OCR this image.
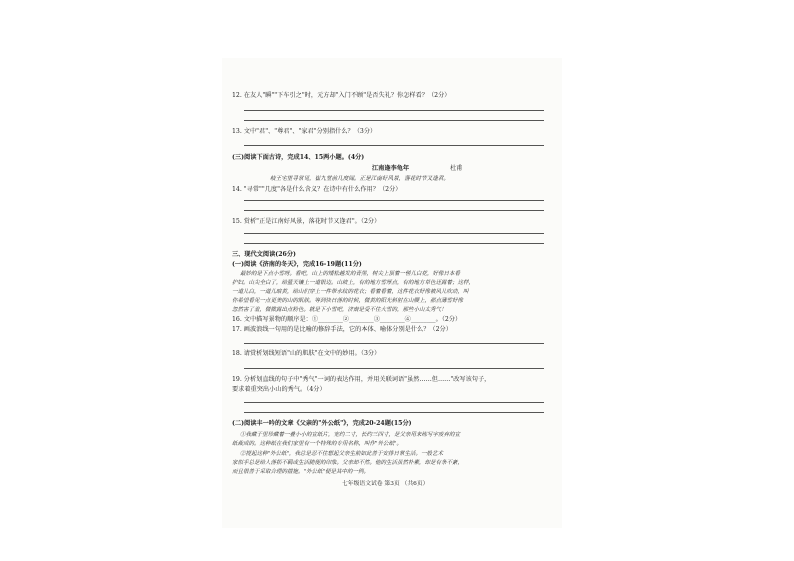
12. 在友人"瞬""下车引之"时，元方却"入门不顾"是否失礼？你怎样看？（2分）
13. 文中"君"、"尊君"、"家君"分别指什么？（3分）
(三)阅读下面古诗，完成14、15两小题。(4分)
江南逢李龟年	杜甫
岐王宅里寻常见，崔九堂前几度闻。正是江南好风景，落花时节又逢君。
14. "寻常""几度"各是什么含义？在诗中有什么作用？（2分）
15. 赏析"正是江南好风景，落花时节又逢君"。（2分）
三、现代文阅读(26分)
(一)阅读《济南的冬天》，完成16-19题(11分)
最妙的是下点小雪呀。看吧，山上的矮松越发的青黑，树尖上顶着一髻儿白花，好像日本看
护妇。山尖全白了，给蓝天镶上一道银边。山坡上，有的地方雪厚点，有的地方草色还露着；这样，
一道儿白，一道儿暗黄，给山们穿上一件带水纹的花衣；看着看着，这件花衣好像被风儿吹动，叫
你希望看见一点更美的山的肌肤。等到快日落的时候，微黄的阳光斜射在山腰上，那点薄雪好像
忽然害了羞，微微露出点粉色。就是下小雪吧，济南是受不住大雪的，那些小山太秀气！
16. 文中描写景物的顺序是：①________②________③________④________。（2分）
17. 画波浪线一句用的是比喻的修辞手法，它的本体、喻体分别是什么？（2分）
18. 请赏析划线短语"山的肌肤"在文中的妙用。（3分）
19. 分析划直线的句子中"秀气"一词的表达作用，并用关联词语"虽然……但……"改写该句子，
要求着重突出小山的秀气。（4分）
(二)阅读丰一吟的文章《父亲的"外公纸"》，完成20-24题(15分)
①我藏于里珍藏着一叠小小的宣纸片，宽约二寸，长约三四寸，是父亲用来练写字废弃的宣
纸裁成的。这种纸在我们家里有一个特殊的专用名称，叫作"外公纸"。
②提起这种"外公纸"，我总是忍不住想起父亲生前如此善于安排日常生活。一般艺术
家似乎总是给人落拓不羁或生活随便的印象。父亲却不然。他的生活虽然朴素，却是有条不紊，
而且很善于采取合理的措施。"外公纸"便是其中的一例。
七年级语文试卷 第3页 （共6页）
